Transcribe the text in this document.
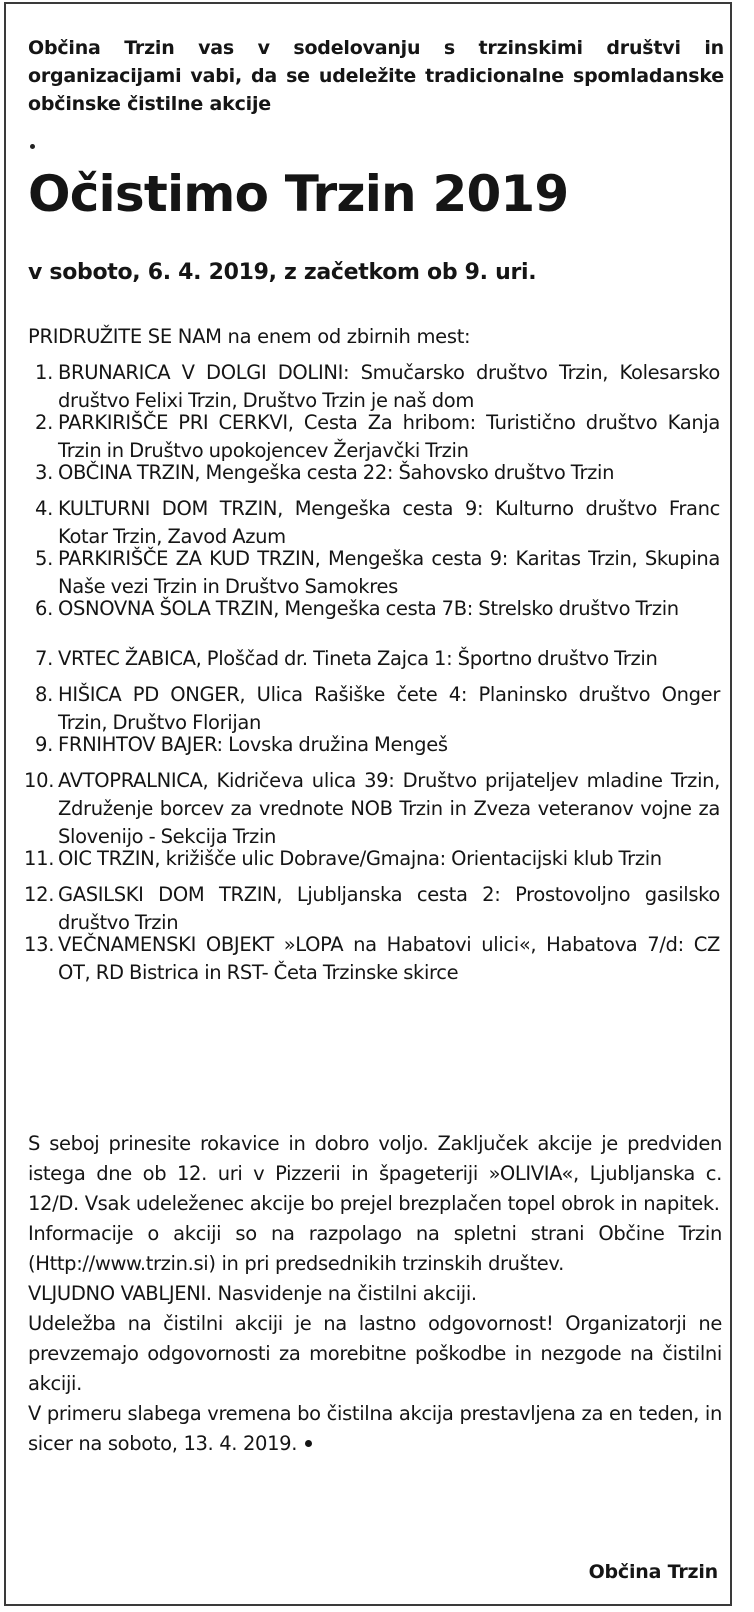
Občina Trzin vas v sodelovanju s trzinskimi društvi in organizacijami vabi, da se udeležite tradicionalne spomladanske občinske čistilne akcije
Očistimo Trzin 2019
v soboto, 6. 4. 2019, z začetkom ob 9. uri.
PRIDRUŽITE SE NAM na enem od zbirnih mest:
1. BRUNARICA V DOLGI DOLINI: Smučarsko društvo Trzin, Kolesarsko društvo Felixi Trzin, Društvo Trzin je naš dom
2. PARKIRIŠČE PRI CERKVI, Cesta Za hribom: Turistično društvo Kanja Trzin in Društvo upokojencev Žerjavčki Trzin
3. OBČINA TRZIN, Mengeška cesta 22: Šahovsko društvo Trzin
4. KULTURNI DOM TRZIN, Mengeška cesta 9: Kulturno društvo Franc Kotar Trzin, Zavod Azum
5. PARKIRIŠČE ZA KUD TRZIN, Mengeška cesta 9: Karitas Trzin, Skupina Naše vezi Trzin in Društvo Samokres
6. OSNOVNA ŠOLA TRZIN, Mengeška cesta 7B: Strelsko društvo Trzin
7. VRTEC ŽABICA, Ploščad dr. Tineta Zajca 1: Športno društvo Trzin
8. HIŠICA PD ONGER, Ulica Rašiške čete 4: Planinsko društvo Onger Trzin, Društvo Florijan
9. FRNIHTOV BAJER: Lovska družina Mengeš
10. AVTOPRALNICA, Kidričeva ulica 39: Društvo prijateljev mladine Trzin, Združenje borcev za vrednote NOB Trzin in Zveza veteranov vojne za Slovenijo - Sekcija Trzin
11. OIC TRZIN, križišče ulic Dobrave/Gmajna: Orientacijski klub Trzin
12. GASILSKI DOM TRZIN, Ljubljanska cesta 2: Prostovoljno gasilsko društvo Trzin
13. VEČNAMENSKI OBJEKT »LOPA na Habatovi ulici«, Habatova 7/d: CZ OT, RD Bistrica in RST- Četa Trzinske skirce

S seboj prinesite rokavice in dobro voljo. Zaključek akcije je predviden istega dne ob 12. uri v Pizzerii in špageteriji »OLIVIA«, Ljubljanska c. 12/D. Vsak udeleženec akcije bo prejel brezplačen topel obrok in napitek.

Informacije o akciji so na razpolago na spletni strani Občine Trzin (Http://www.trzin.si) in pri predsednikih trzinskih društev.

VLJUDNO VABLJENI. Nasvidenje na čistilni akciji.

Udeležba na čistilni akciji je na lastno odgovornost! Organizatorji ne prevzemajo odgovornosti za morebitne poškodbe in nezgode na čistilni akciji.

V primeru slabega vremena bo čistilna akcija prestavljena za en teden, in sicer na soboto, 13. 4. 2019.

Občina Trzin
